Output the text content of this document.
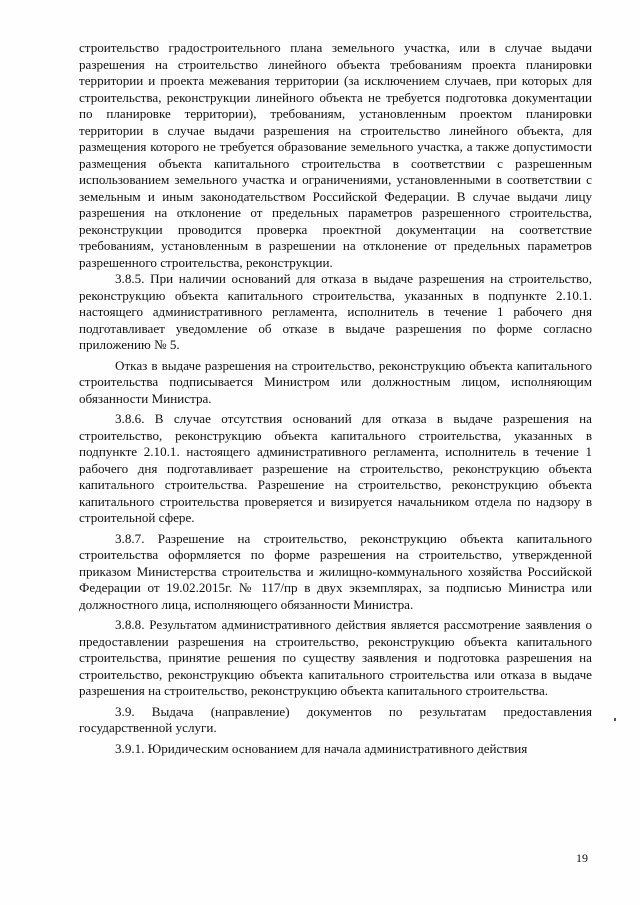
строительство градостроительного плана земельного участка, или в случае выдачи разрешения на строительство линейного объекта требованиям проекта планировки территории и проекта межевания территории (за исключением случаев, при которых для строительства, реконструкции линейного объекта не требуется подготовка документации по планировке территории), требованиям, установленным проектом планировки территории в случае выдачи разрешения на строительство линейного объекта, для размещения которого не требуется образование земельного участка, а также допустимости размещения объекта капитального строительства в соответствии с разрешенным использованием земельного участка и ограничениями, установленными в соответствии с земельным и иным законодательством Российской Федерации. В случае выдачи лицу разрешения на отклонение от предельных параметров разрешенного строительства, реконструкции проводится проверка проектной документации на соответствие требованиям, установленным в разрешении на отклонение от предельных параметров разрешенного строительства, реконструкции.

3.8.5. При наличии оснований для отказа в выдаче разрешения на строительство, реконструкцию объекта капитального строительства, указанных в подпункте 2.10.1. настоящего административного регламента, исполнитель в течение 1 рабочего дня подготавливает уведомление об отказе в выдаче разрешения по форме согласно приложению № 5.

Отказ в выдаче разрешения на строительство, реконструкцию объекта капитального строительства подписывается Министром или должностным лицом, исполняющим обязанности Министра.

3.8.6. В случае отсутствия оснований для отказа в выдаче разрешения на строительство, реконструкцию объекта капитального строительства, указанных в подпункте 2.10.1. настоящего административного регламента, исполнитель в течение 1 рабочего дня подготавливает разрешение на строительство, реконструкцию объекта капитального строительства. Разрешение на строительство, реконструкцию объекта капитального строительства проверяется и визируется начальником отдела по надзору в строительной сфере.

3.8.7. Разрешение на строительство, реконструкцию объекта капитального строительства оформляется по форме разрешения на строительство, утвержденной приказом Министерства строительства и жилищно-коммунального хозяйства Российской Федерации от 19.02.2015г. № 117/пр в двух экземплярах, за подписью Министра или должностного лица, исполняющего обязанности Министра.

3.8.8. Результатом административного действия является рассмотрение заявления о предоставлении разрешения на строительство, реконструкцию объекта капитального строительства, принятие решения по существу заявления и подготовка разрешения на строительство, реконструкцию объекта капитального строительства или отказа в выдаче разрешения на строительство, реконструкцию объекта капитального строительства.

3.9. Выдача (направление) документов по результатам предоставления государственной услуги.

3.9.1. Юридическим основанием для начала административного действия

19
